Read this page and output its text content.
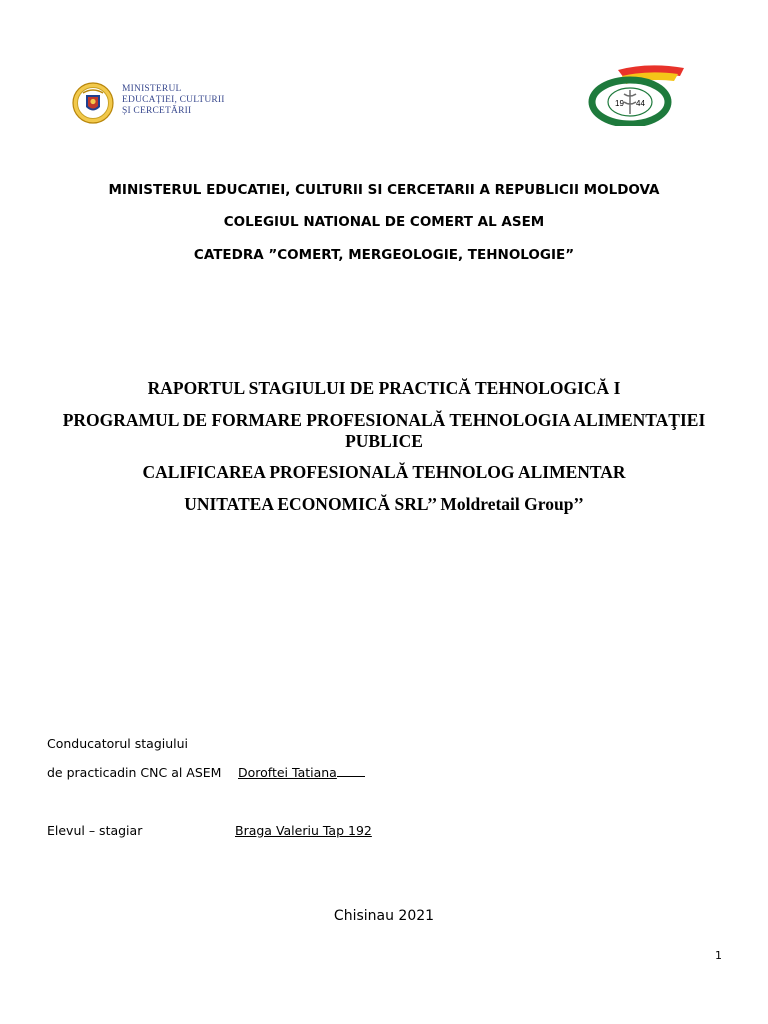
MINISTERUL
EDUCAȚIEI, CULTURII
ȘI CERCETĂRII
19 44
MINISTERUL EDUCATIEI, CULTURII SI CERCETARII A REPUBLICII MOLDOVA
COLEGIUL NATIONAL DE COMERT AL ASEM
CATEDRA ”COMERT, MERGEOLOGIE, TEHNOLOGIE”
RAPORTUL STAGIULUI DE PRACTICĂ TEHNOLOGICĂ I
PROGRAMUL DE FORMARE PROFESIONALĂ TEHNOLOGIA ALIMENTAŢIEI PUBLICE
CALIFICAREA PROFESIONALĂ TEHNOLOG ALIMENTAR
UNITATEA ECONOMICĂ SRL’’ Moldretail Group’’
Conducatorul stagiului
de practicadin CNC al ASEM Doroftei Tatiana
Elevul – stagiar	Braga Valeriu Tap 192
Chisinau 2021
1
